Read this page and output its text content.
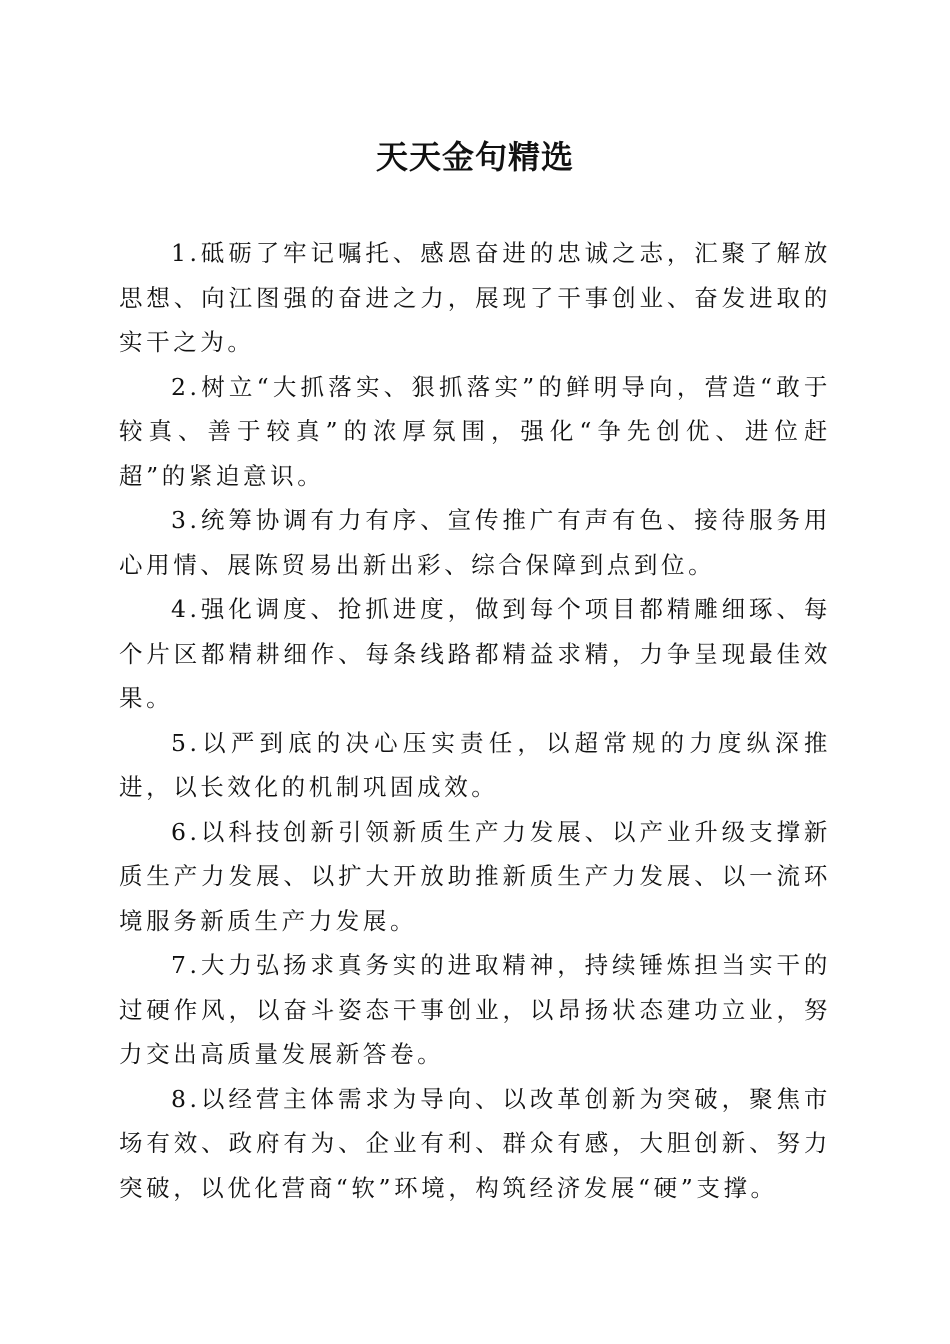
天天金句精选

1.砥砺了牢记嘱托、感恩奋进的忠诚之志，汇聚了解放思想、向江图强的奋进之力，展现了干事创业、奋发进取的实干之为。

2.树立“大抓落实、狠抓落实”的鲜明导向，营造“敢于较真、善于较真”的浓厚氛围，强化“争先创优、进位赶超”的紧迫意识。

3.统筹协调有力有序、宣传推广有声有色、接待服务用心用情、展陈贸易出新出彩、综合保障到点到位。

4.强化调度、抢抓进度，做到每个项目都精雕细琢、每个片区都精耕细作、每条线路都精益求精，力争呈现最佳效果。

5.以严到底的决心压实责任，以超常规的力度纵深推进，以长效化的机制巩固成效。

6.以科技创新引领新质生产力发展、以产业升级支撑新质生产力发展、以扩大开放助推新质生产力发展、以一流环境服务新质生产力发展。

7.大力弘扬求真务实的进取精神，持续锤炼担当实干的过硬作风，以奋斗姿态干事创业，以昂扬状态建功立业，努力交出高质量发展新答卷。

8.以经营主体需求为导向、以改革创新为突破，聚焦市场有效、政府有为、企业有利、群众有感，大胆创新、努力突破，以优化营商“软”环境，构筑经济发展“硬”支撑。
